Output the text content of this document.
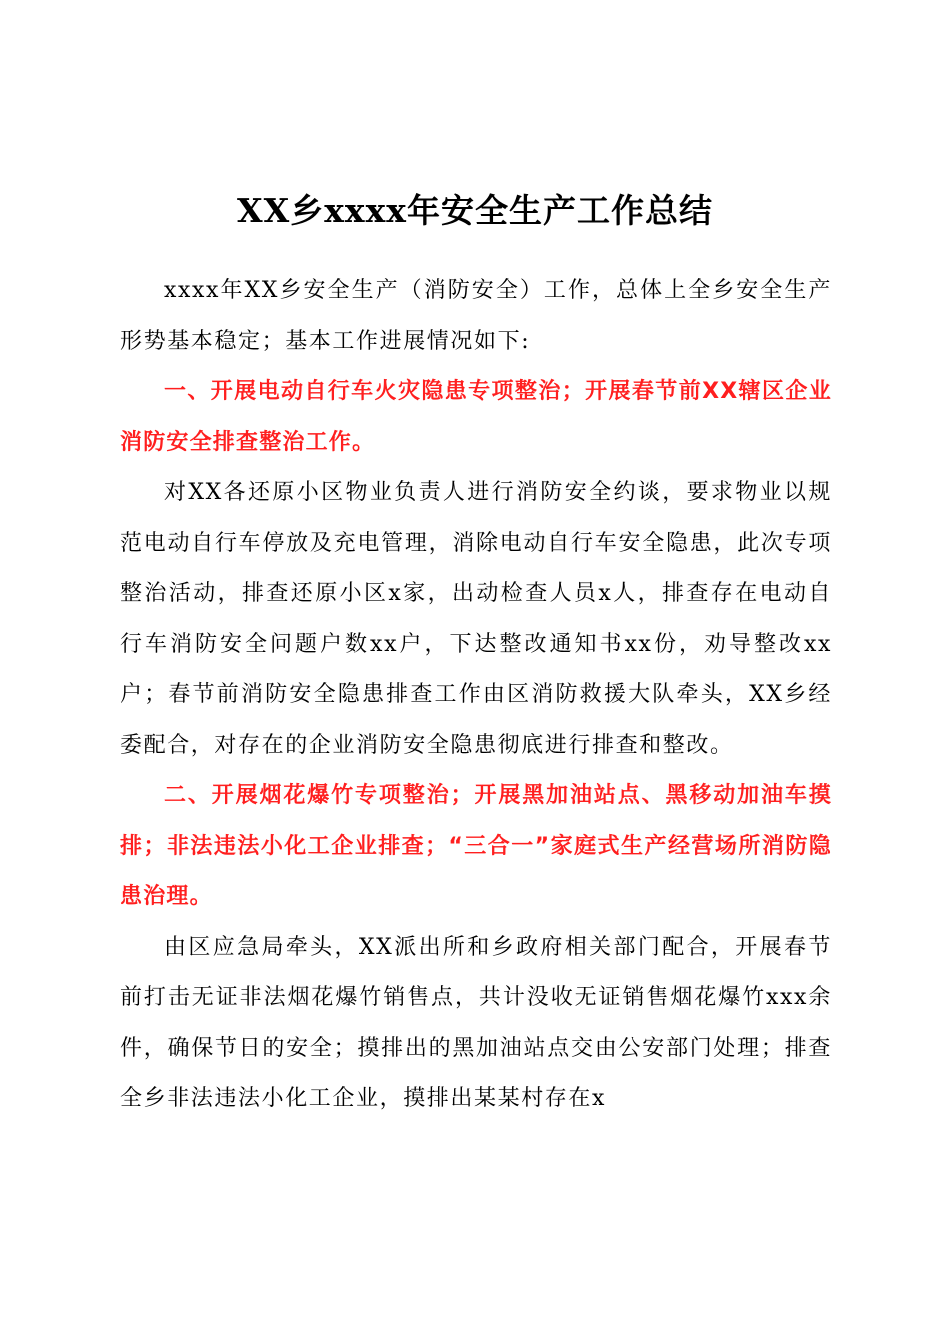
XX乡xxxx年安全生产工作总结

xxxx年XX乡安全生产（消防安全）工作，总体上全乡安全生产形势基本稳定；基本工作进展情况如下:

一、开展电动自行车火灾隐患专项整治；开展春节前XX辖区企业消防安全排查整治工作。

对XX各还原小区物业负责人进行消防安全约谈，要求物业以规范电动自行车停放及充电管理，消除电动自行车安全隐患，此次专项整治活动，排查还原小区x家，出动检查人员x人，排查存在电动自行车消防安全问题户数xx户，下达整改通知书xx份，劝导整改xx户；春节前消防安全隐患排查工作由区消防救援大队牵头，XX乡经委配合，对存在的企业消防安全隐患彻底进行排查和整改。

二、开展烟花爆竹专项整治；开展黑加油站点、黑移动加油车摸排；非法违法小化工企业排查；“三合一”家庭式生产经营场所消防隐患治理。

由区应急局牵头，XX派出所和乡政府相关部门配合，开展春节前打击无证非法烟花爆竹销售点，共计没收无证销售烟花爆竹xxx余件，确保节日的安全；摸排出的黑加油站点交由公安部门处理；排查全乡非法违法小化工企业，摸排出某某村存在x
